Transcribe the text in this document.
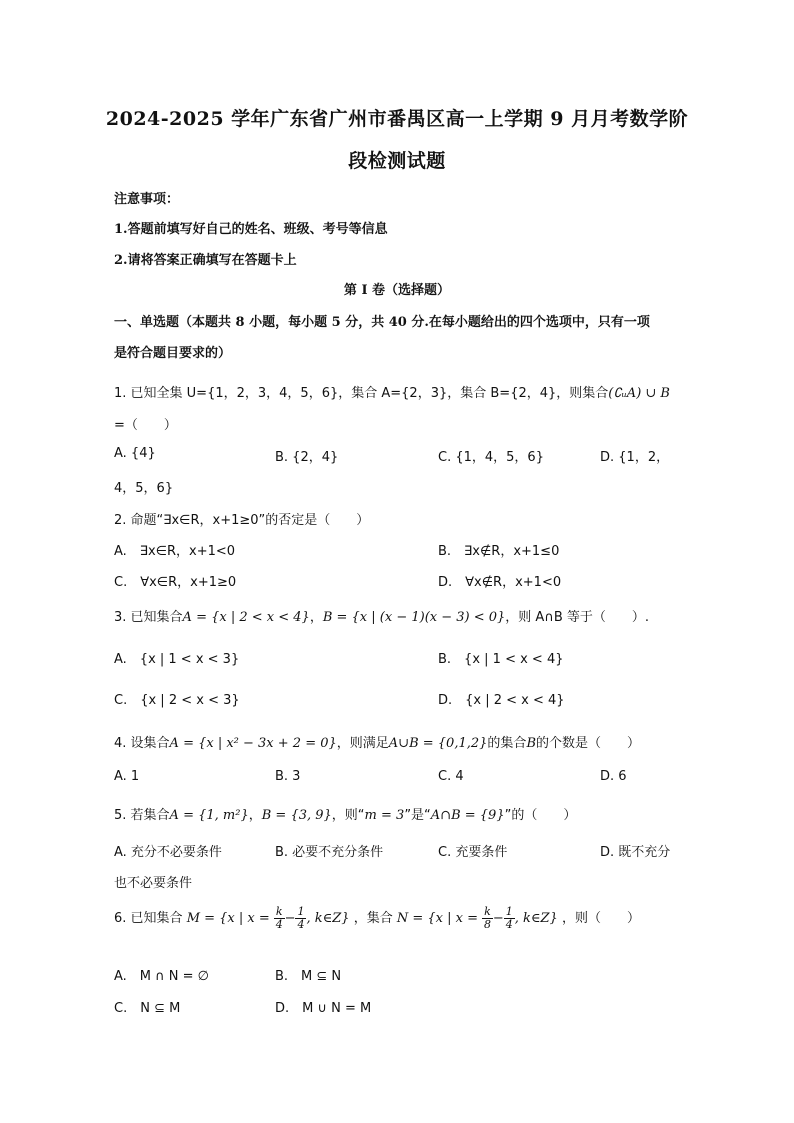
2024-2025 学年广东省广州市番禺区高一上学期 9 月月考数学阶
段检测试题
注意事项：
1.答题前填写好自己的姓名、班级、考号等信息
2.请将答案正确填写在答题卡上
第 I 卷（选择题）
一、单选题（本题共 8 小题，每小题 5 分，共 40 分.在每小题给出的四个选项中，只有一项
是符合题目要求的）
1. 已知全集 U={1，2，3，4，5，6}，集合 A={2，3}，集合 B={2，4}，则集合(∁ᵤA) ∪ B
=（　　）
A. {4}	B. {2，4}	C. {1，4，5，6}	D. {1，2，
4，5，6}
2. 命题“∃x∈R，x+1≥0”的否定是（　　）
A.　∃x∈R，x+1<0	B.　∃x∉R，x+1≤0
C.　∀x∈R，x+1≥0	D.　∀x∉R，x+1<0
3. 已知集合A = {x | 2 < x < 4}，B = {x | (x − 1)(x − 3) < 0}，则 A∩B 等于（　　）.
A.　{x | 1 < x < 3}	B.　{x | 1 < x < 4}
C.　{x | 2 < x < 3}	D.　{x | 2 < x < 4}
4. 设集合A = {x | x² − 3x + 2 = 0}，则满足A∪B = {0,1,2}的集合B的个数是（　　）
A. 1	B. 3	C. 4	D. 6
5. 若集合A = {1, m²}，B = {3, 9}，则“m = 3”是“A∩B = {9}”的（　　）
A. 充分不必要条件	B. 必要不充分条件	C. 充要条件	D. 既不充分
也不必要条件
6. 已知集合 M = {x | $x = \frac{k}{4} - \frac{1}{4}$ , k∈Z} ，集合 N = {x | $x = \frac{k}{8} - \frac{1}{4}$ , k∈Z} ，则（　　）
A.　M ∩ N = ∅	B.　M ⊆ N
C.　N ⊆ M	D.　M ∪ N = M
